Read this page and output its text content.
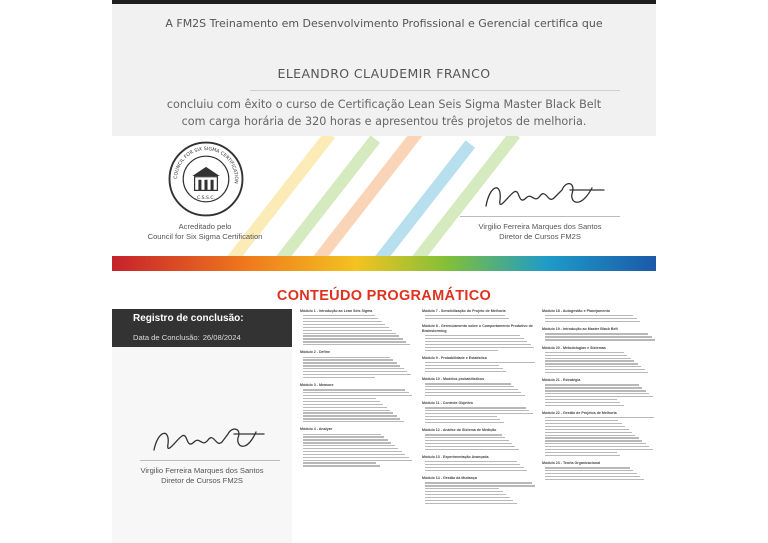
A FM2S Treinamento em Desenvolvimento Profissional e Gerencial certifica que
ELEANDRO CLAUDEMIR FRANCO
concluiu com êxito o curso de Certificação Lean Seis Sigma Master Black Belt
com carga horária de 320 horas e apresentou três projetos de melhoria.
COUNCIL FOR SIX SIGMA CERTIFICATION
C.S.S.C.
Acreditado pelo
Council for Six Sigma Certification
Virgilio Ferreira Marques dos Santos
Diretor de Cursos FM2S
CONTEÚDO PROGRAMÁTICO
Registro de conclusão:
Data de Conclusão: 26/08/2024
Virgilio Ferreira Marques dos Santos
Diretor de Cursos FM2S
Módulo 1 - Introdução ao Lean Seis Sigma
Módulo 2 - Define
Módulo 3 - Measure
Módulo 4 - Analyze
Módulo 7 - Sensibilização do Projeto de Melhoria
Módulo 8 - Gerenciamento sobre o Comportamento Produtivo de Brainstorming
Módulo 9 - Probabilidade e Estatística
Módulo 10 - Modelos probabilísticos
Módulo 11 - Controle Objetivo
Módulo 12 - Análise do Sistema de Medição
Módulo 13 - Experimentação Avançada
Módulo 14 - Gestão da Mudança
Módulo 18 - Autogestão e Planejamento
Módulo 19 - Introdução ao Master Black Belt
Módulo 20 - Metodologias e Sistemas
Módulo 21 - Estratégia
Módulo 22 - Gestão de Projetos de Melhoria
Módulo 23 - Teoria Organizacional
